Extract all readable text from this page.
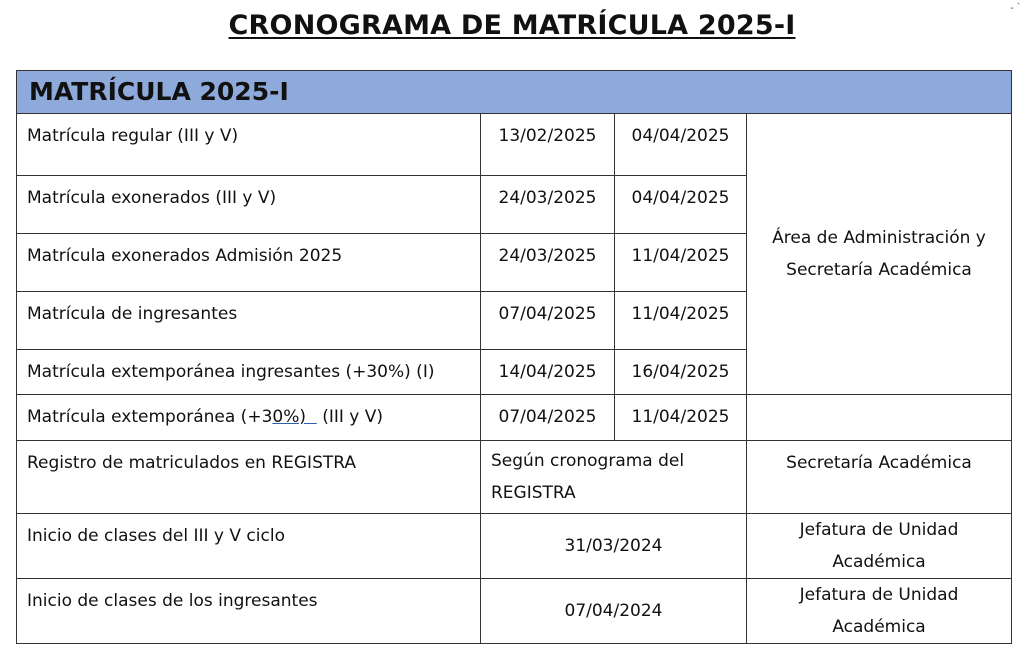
CRONOGRAMA DE MATRÍCULA 2025-I
- `
MATRÍCULA 2025-I			
Matrícula regular (III y V)	13/02/2025	04/04/2025	Área de Administración y Secretaría Académica
Matrícula exonerados (III y V)	24/03/2025	04/04/2025	
Matrícula exonerados Admisión 2025	24/03/2025	11/04/2025	
Matrícula de ingresantes	07/04/2025	11/04/2025	
Matrícula extemporánea ingresantes (+30%) (I)	14/04/2025	16/04/2025	
Matrícula extemporánea (+30%)   (III y V)	07/04/2025	11/04/2025	
Registro de matriculados en REGISTRA	Según cronograma del REGISTRA		Secretaría Académica
Inicio de clases del III y V ciclo	31/03/2024		Jefatura de Unidad Académica
Inicio de clases de los ingresantes	07/04/2024		Jefatura de Unidad Académica
